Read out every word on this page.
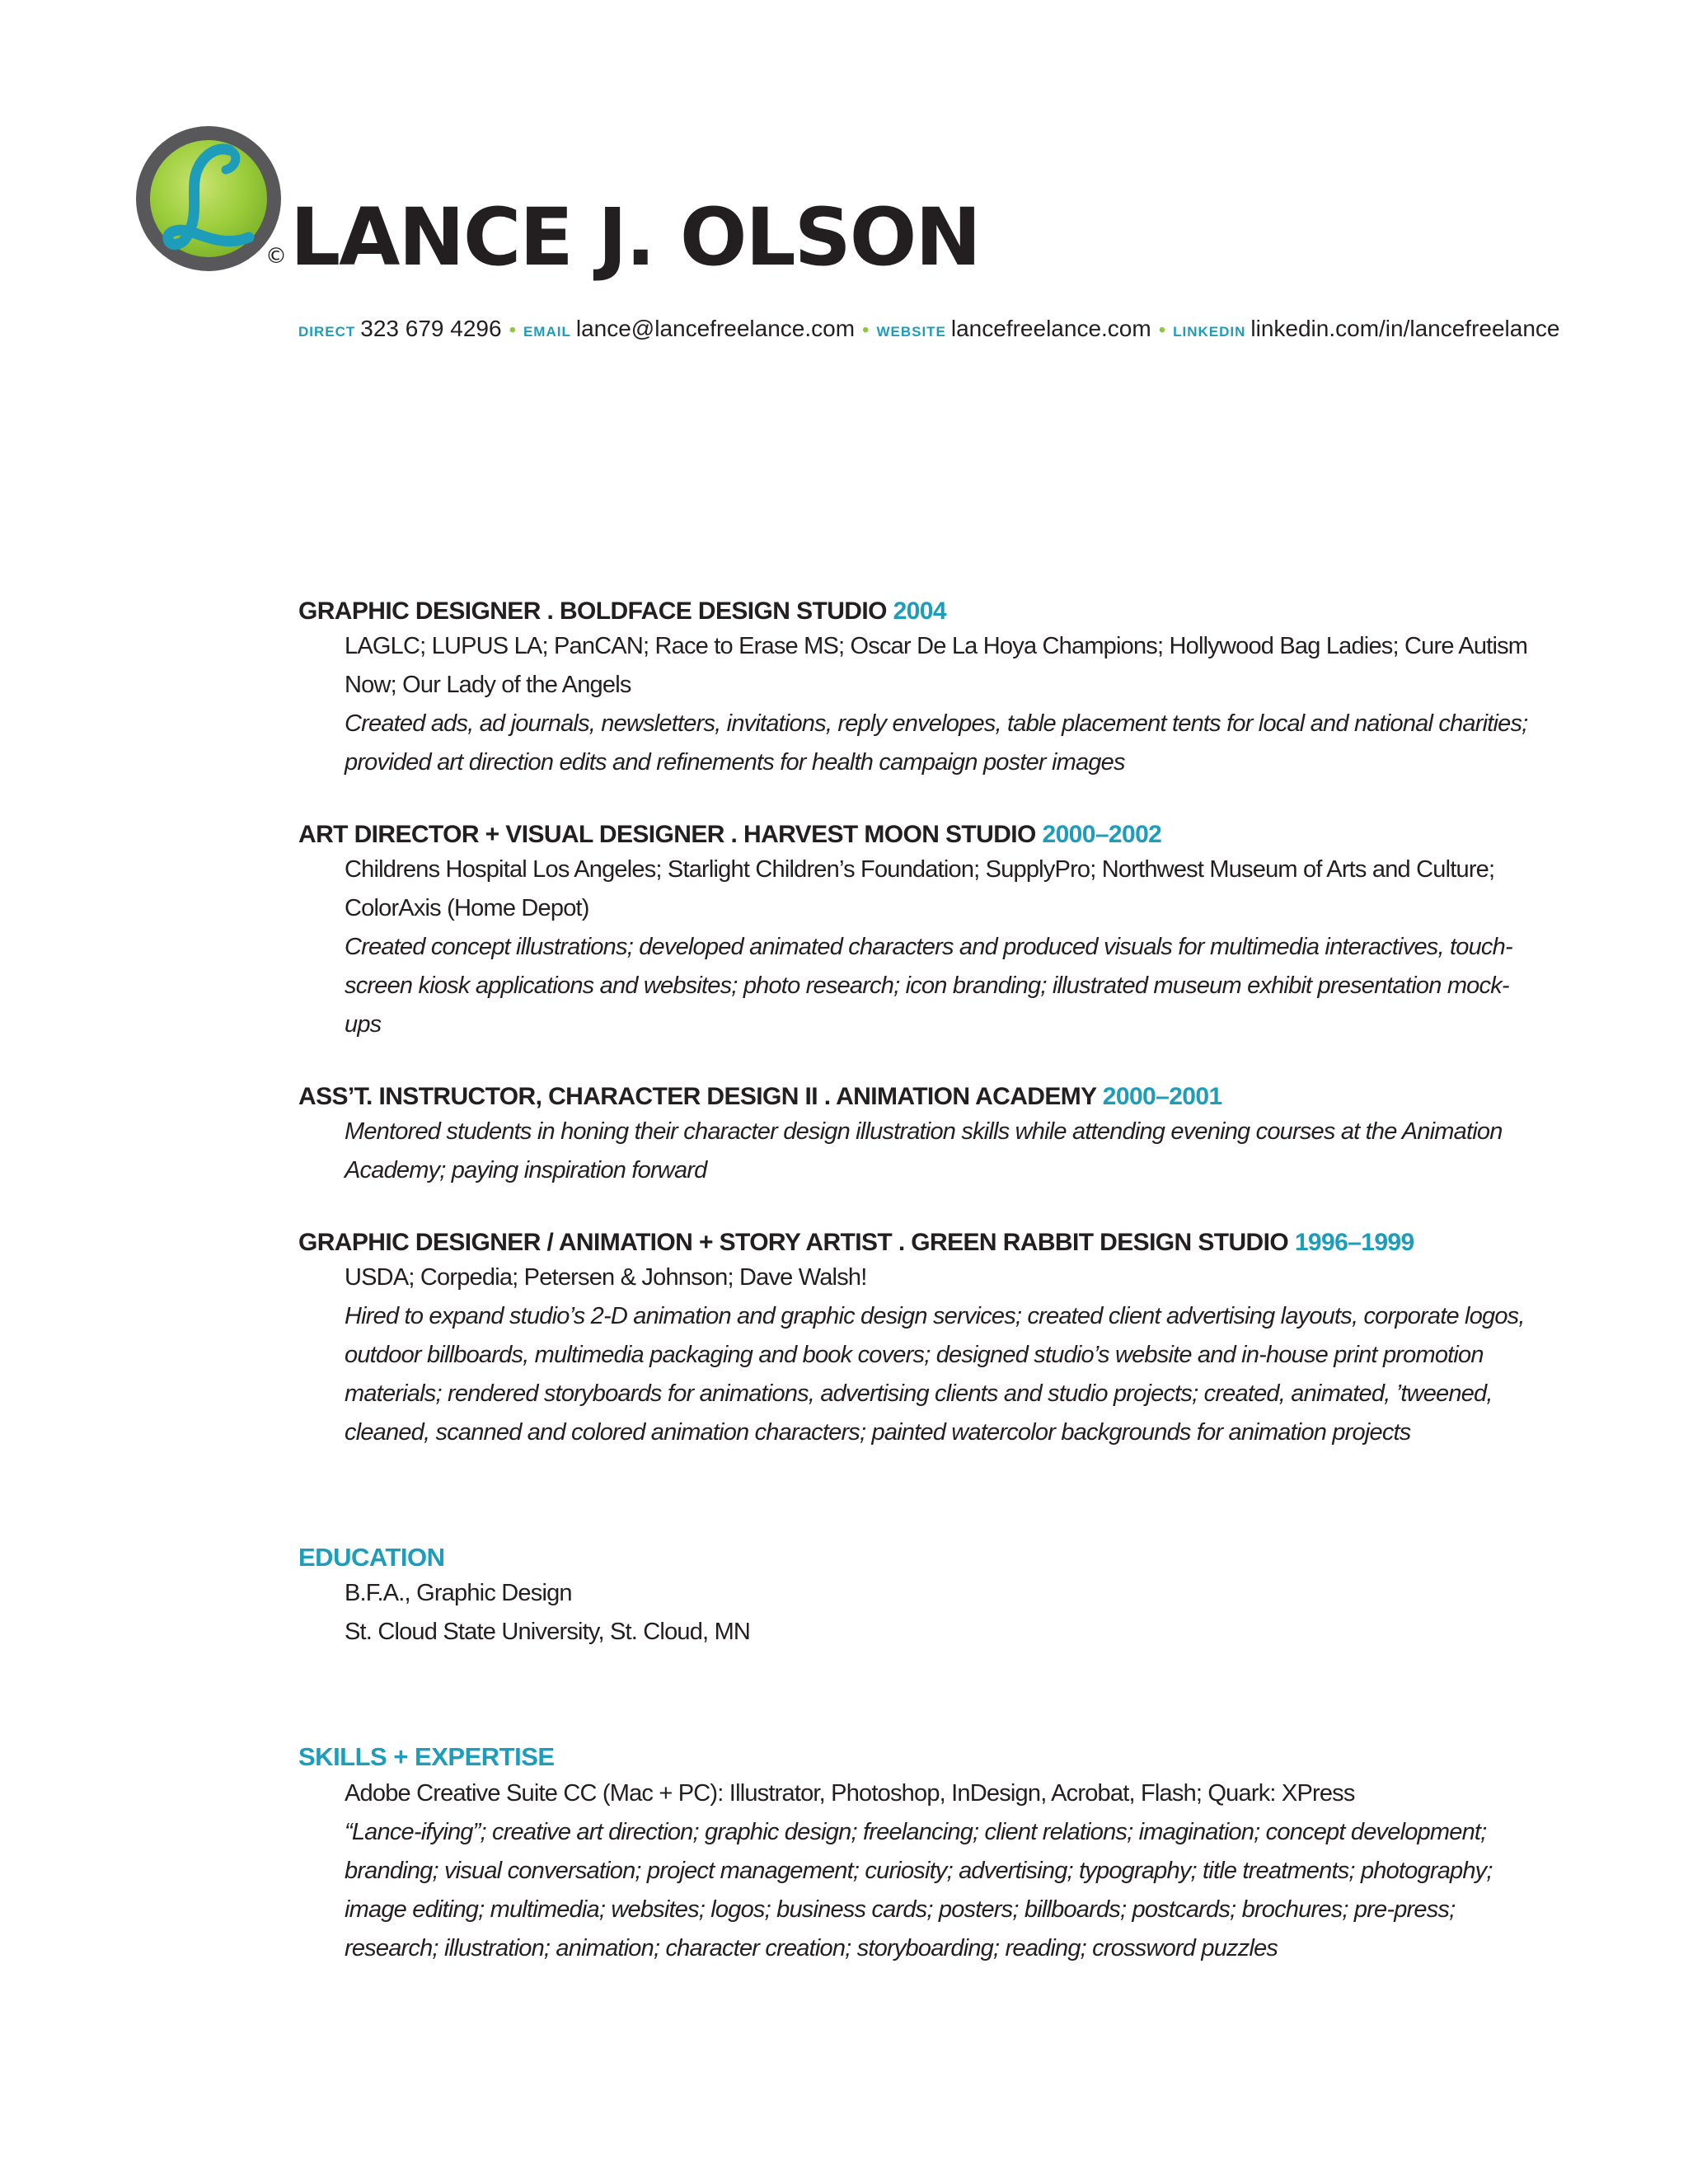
© LANCE J. OLSON
DIRECT 323 679 4296 • EMAIL lance@lancefreelance.com • WEBSITE lancefreelance.com • LINKEDIN linkedin.com/in/lancefreelance
GRAPHIC DESIGNER . BOLDFACE DESIGN STUDIO 2004
LAGLC; LUPUS LA; PanCAN; Race to Erase MS; Oscar De La Hoya Champions; Hollywood Bag Ladies; Cure Autism Now; Our Lady of the Angels
Created ads, ad journals, newsletters, invitations, reply envelopes, table placement tents for local and national charities; provided art direction edits and refinements for health campaign poster images
ART DIRECTOR + VISUAL DESIGNER . HARVEST MOON STUDIO 2000–2002
Childrens Hospital Los Angeles; Starlight Children’s Foundation; SupplyPro; Northwest Museum of Arts and Culture; ColorAxis (Home Depot)
Created concept illustrations; developed animated characters and produced visuals for multimedia interactives, touch-screen kiosk applications and websites; photo research; icon branding; illustrated museum exhibit presentation mock-ups
ASS’T. INSTRUCTOR, CHARACTER DESIGN II . ANIMATION ACADEMY 2000–2001
Mentored students in honing their character design illustration skills while attending evening courses at the Animation Academy; paying inspiration forward
GRAPHIC DESIGNER / ANIMATION + STORY ARTIST . GREEN RABBIT DESIGN STUDIO 1996–1999
USDA; Corpedia; Petersen & Johnson; Dave Walsh!
Hired to expand studio’s 2-D animation and graphic design services; created client advertising layouts, corporate logos, outdoor billboards, multimedia packaging and book covers; designed studio’s website and in-house print promotion materials; rendered storyboards for animations, advertising clients and studio projects; created, animated, ’tweened, cleaned, scanned and colored animation characters; painted watercolor backgrounds for animation projects
EDUCATION
B.F.A., Graphic Design
St. Cloud State University, St. Cloud, MN
SKILLS + EXPERTISE
Adobe Creative Suite CC (Mac + PC): Illustrator, Photoshop, InDesign, Acrobat, Flash; Quark: XPress
“Lance-ifying”; creative art direction; graphic design; freelancing; client relations; imagination; concept development; branding; visual conversation; project management; curiosity; advertising; typography; title treatments; photography; image editing; multimedia; websites; logos; business cards; posters; billboards; postcards; brochures; pre-press; research; illustration; animation; character creation; storyboarding; reading; crossword puzzles
